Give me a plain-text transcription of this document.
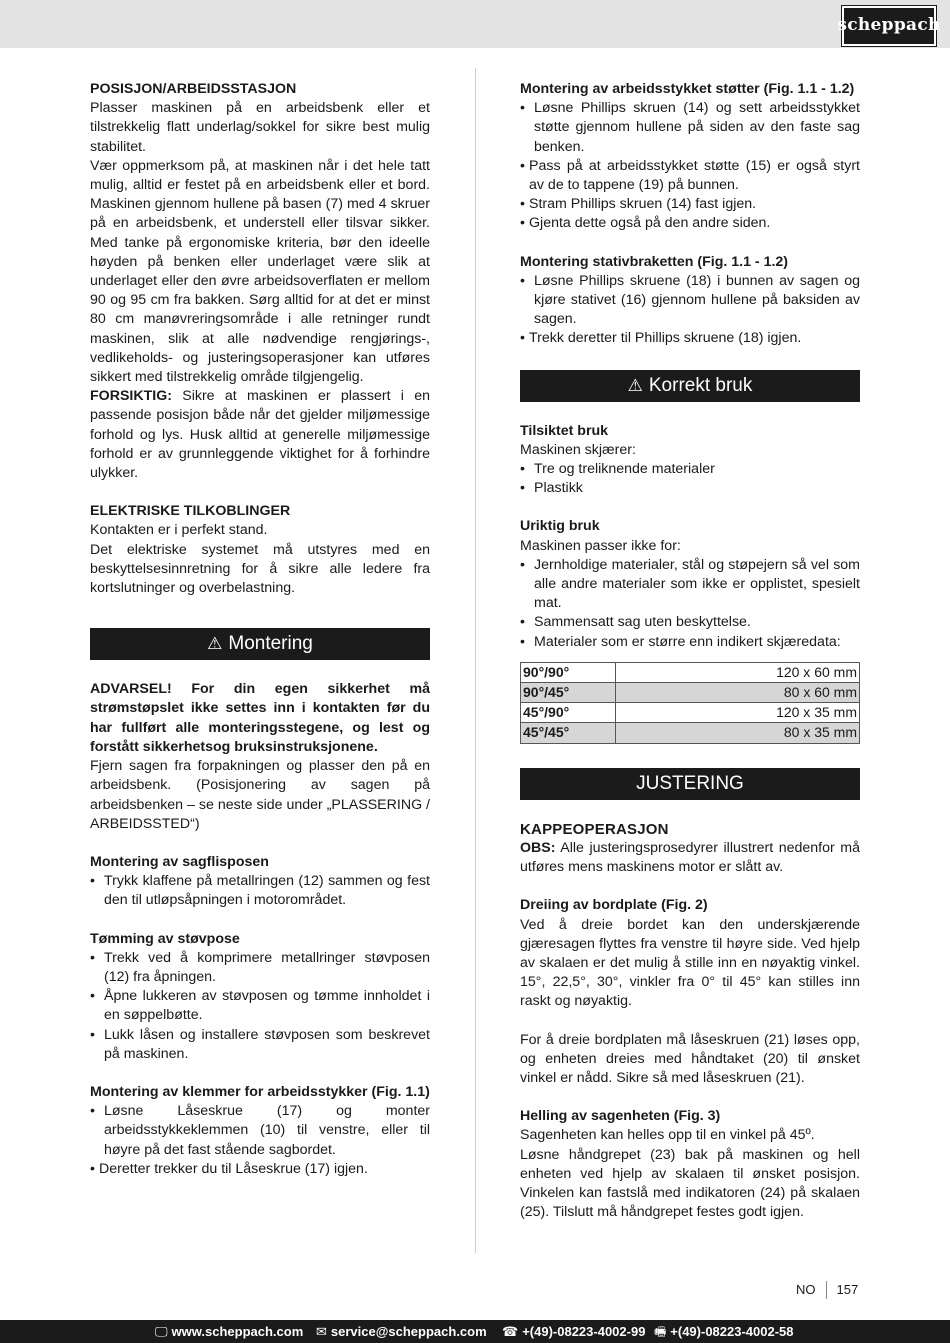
scheppach

POSISJON/ARBEIDSSTASJON

Plasser maskinen på en arbeidsbenk eller et tilstrekkelig flatt underlag/sokkel for sikre best mulig stabilitet.

Vær oppmerksom på, at maskinen når i det hele tatt mulig, alltid er festet på en arbeidsbenk eller et bord. Maskinen gjennom hullene på basen (7) med 4 skruer på en arbeidsbenk, et understell eller tilsvar sikker. Med tanke på ergonomiske kriteria, bør den ideelle høyden på benken eller underlaget være slik at underlaget eller den øvre arbeidsoverflaten er mellom 90 og 95 cm fra bakken. Sørg alltid for at det er minst 80 cm manøvreringsområde i alle retninger rundt maskinen, slik at alle nødvendige rengjørings-, vedlikeholds- og justeringsoperasjoner kan utføres sikkert med tilstrekkelig område tilgjengelig.

FORSIKTIG: Sikre at maskinen er plassert i en passende posisjon både når det gjelder miljømessige forhold og lys. Husk alltid at generelle miljømessige forhold er av grunnleggende viktighet for å forhindre ulykker.

ELEKTRISKE TILKOBLINGER

Kontakten er i perfekt stand.

Det elektriske systemet må utstyres med en beskyttelsesinnretning for å sikre alle ledere fra kortslutninger og overbelastning.

⚠ Montering

ADVARSEL! For din egen sikkerhet må strømstøpslet ikke settes inn i kontakten før du har fullført alle monteringsstegene, og lest og forstått sikkerhetsog bruksinstruksjonene.

Fjern sagen fra forpakningen og plasser den på en arbeidsbenk. (Posisjonering av sagen på arbeidsbenken – se neste side under „PLASSERING / ARBEIDSSTED“)

Montering av sagflisposen

• Trykk klaffene på metallringen (12) sammen og fest den til utløpsåpningen i motorområdet.

Tømming av støvpose

• Trekk ved å komprimere metallringer støvposen (12) fra åpningen.
• Åpne lukkeren av støvposen og tømme innholdet i en søppelbøtte.
• Lukk låsen og installere støvposen som beskrevet på maskinen.

Montering av klemmer for arbeidsstykker (Fig. 1.1)

• Løsne Låseskrue (17) og monter arbeidsstykkeklemmen (10) til venstre, eller til høyre på det fast stående sagbordet.
• Deretter trekker du til Låseskrue (17) igjen.

Montering av arbeidsstykket støtter (Fig. 1.1 - 1.2)

• Løsne Phillips skruen (14) og sett arbeidsstykket støtte gjennom hullene på siden av den faste sag benken.
• Pass på at arbeidsstykket støtte (15) er også styrt av de to tappene (19) på bunnen.
• Stram Phillips skruen (14) fast igjen.
• Gjenta dette også på den andre siden.

Montering stativbraketten (Fig. 1.1 - 1.2)

• Løsne Phillips skruene (18) i bunnen av sagen og kjøre stativet (16) gjennom hullene på baksiden av sagen.
• Trekk deretter til Phillips skruene (18) igjen.
⚠ Korrekt bruk

Tilsiktet bruk

Maskinen skjærer:

• Tre og treliknende materialer
• Plastikk

Uriktig bruk

Maskinen passer ikke for:

• Jernholdige materialer, stål og støpejern så vel som alle andre materialer som ikke er opplistet, spesielt mat.
• Sammensatt sag uten beskyttelse.
• Materialer som er større enn indikert skjæredata:
90°/90°	120 x 60 mm
90°/45°	80 x 60 mm
45°/90°	120 x 35 mm
45°/45°	80 x 35 mm
JUSTERING

KAPPEOPERASJON

OBS: Alle justeringsprosedyrer illustrert nedenfor må utføres mens maskinens motor er slått av.

Dreiing av bordplate (Fig. 2)

Ved å dreie bordet kan den underskjærende gjæresagen flyttes fra venstre til høyre side. Ved hjelp av skalaen er det mulig å stille inn en nøyaktig vinkel. 15°, 22,5°, 30°, vinkler fra 0° til 45° kan stilles inn raskt og nøyaktig.

For å dreie bordplaten må låseskruen (21) løses opp, og enheten dreies med håndtaket (20) til ønsket vinkel er nådd. Sikre så med låseskruen (21).

Helling av sagenheten (Fig. 3)

Sagenheten kan helles opp til en vinkel på 45º.

Løsne håndgrepet (23) bak på maskinen og hell enheten ved hjelp av skalaen til ønsket posisjon. Vinkelen kan fastslå med indikatoren (24) på skalaen (25). Tilslutt må håndgrepet festes godt igjen.

NO 157
🖵 www.scheppach.com ✉ service@scheppach.com ☎ +(49)-08223-4002-99 🖷 +(49)-08223-4002-58
